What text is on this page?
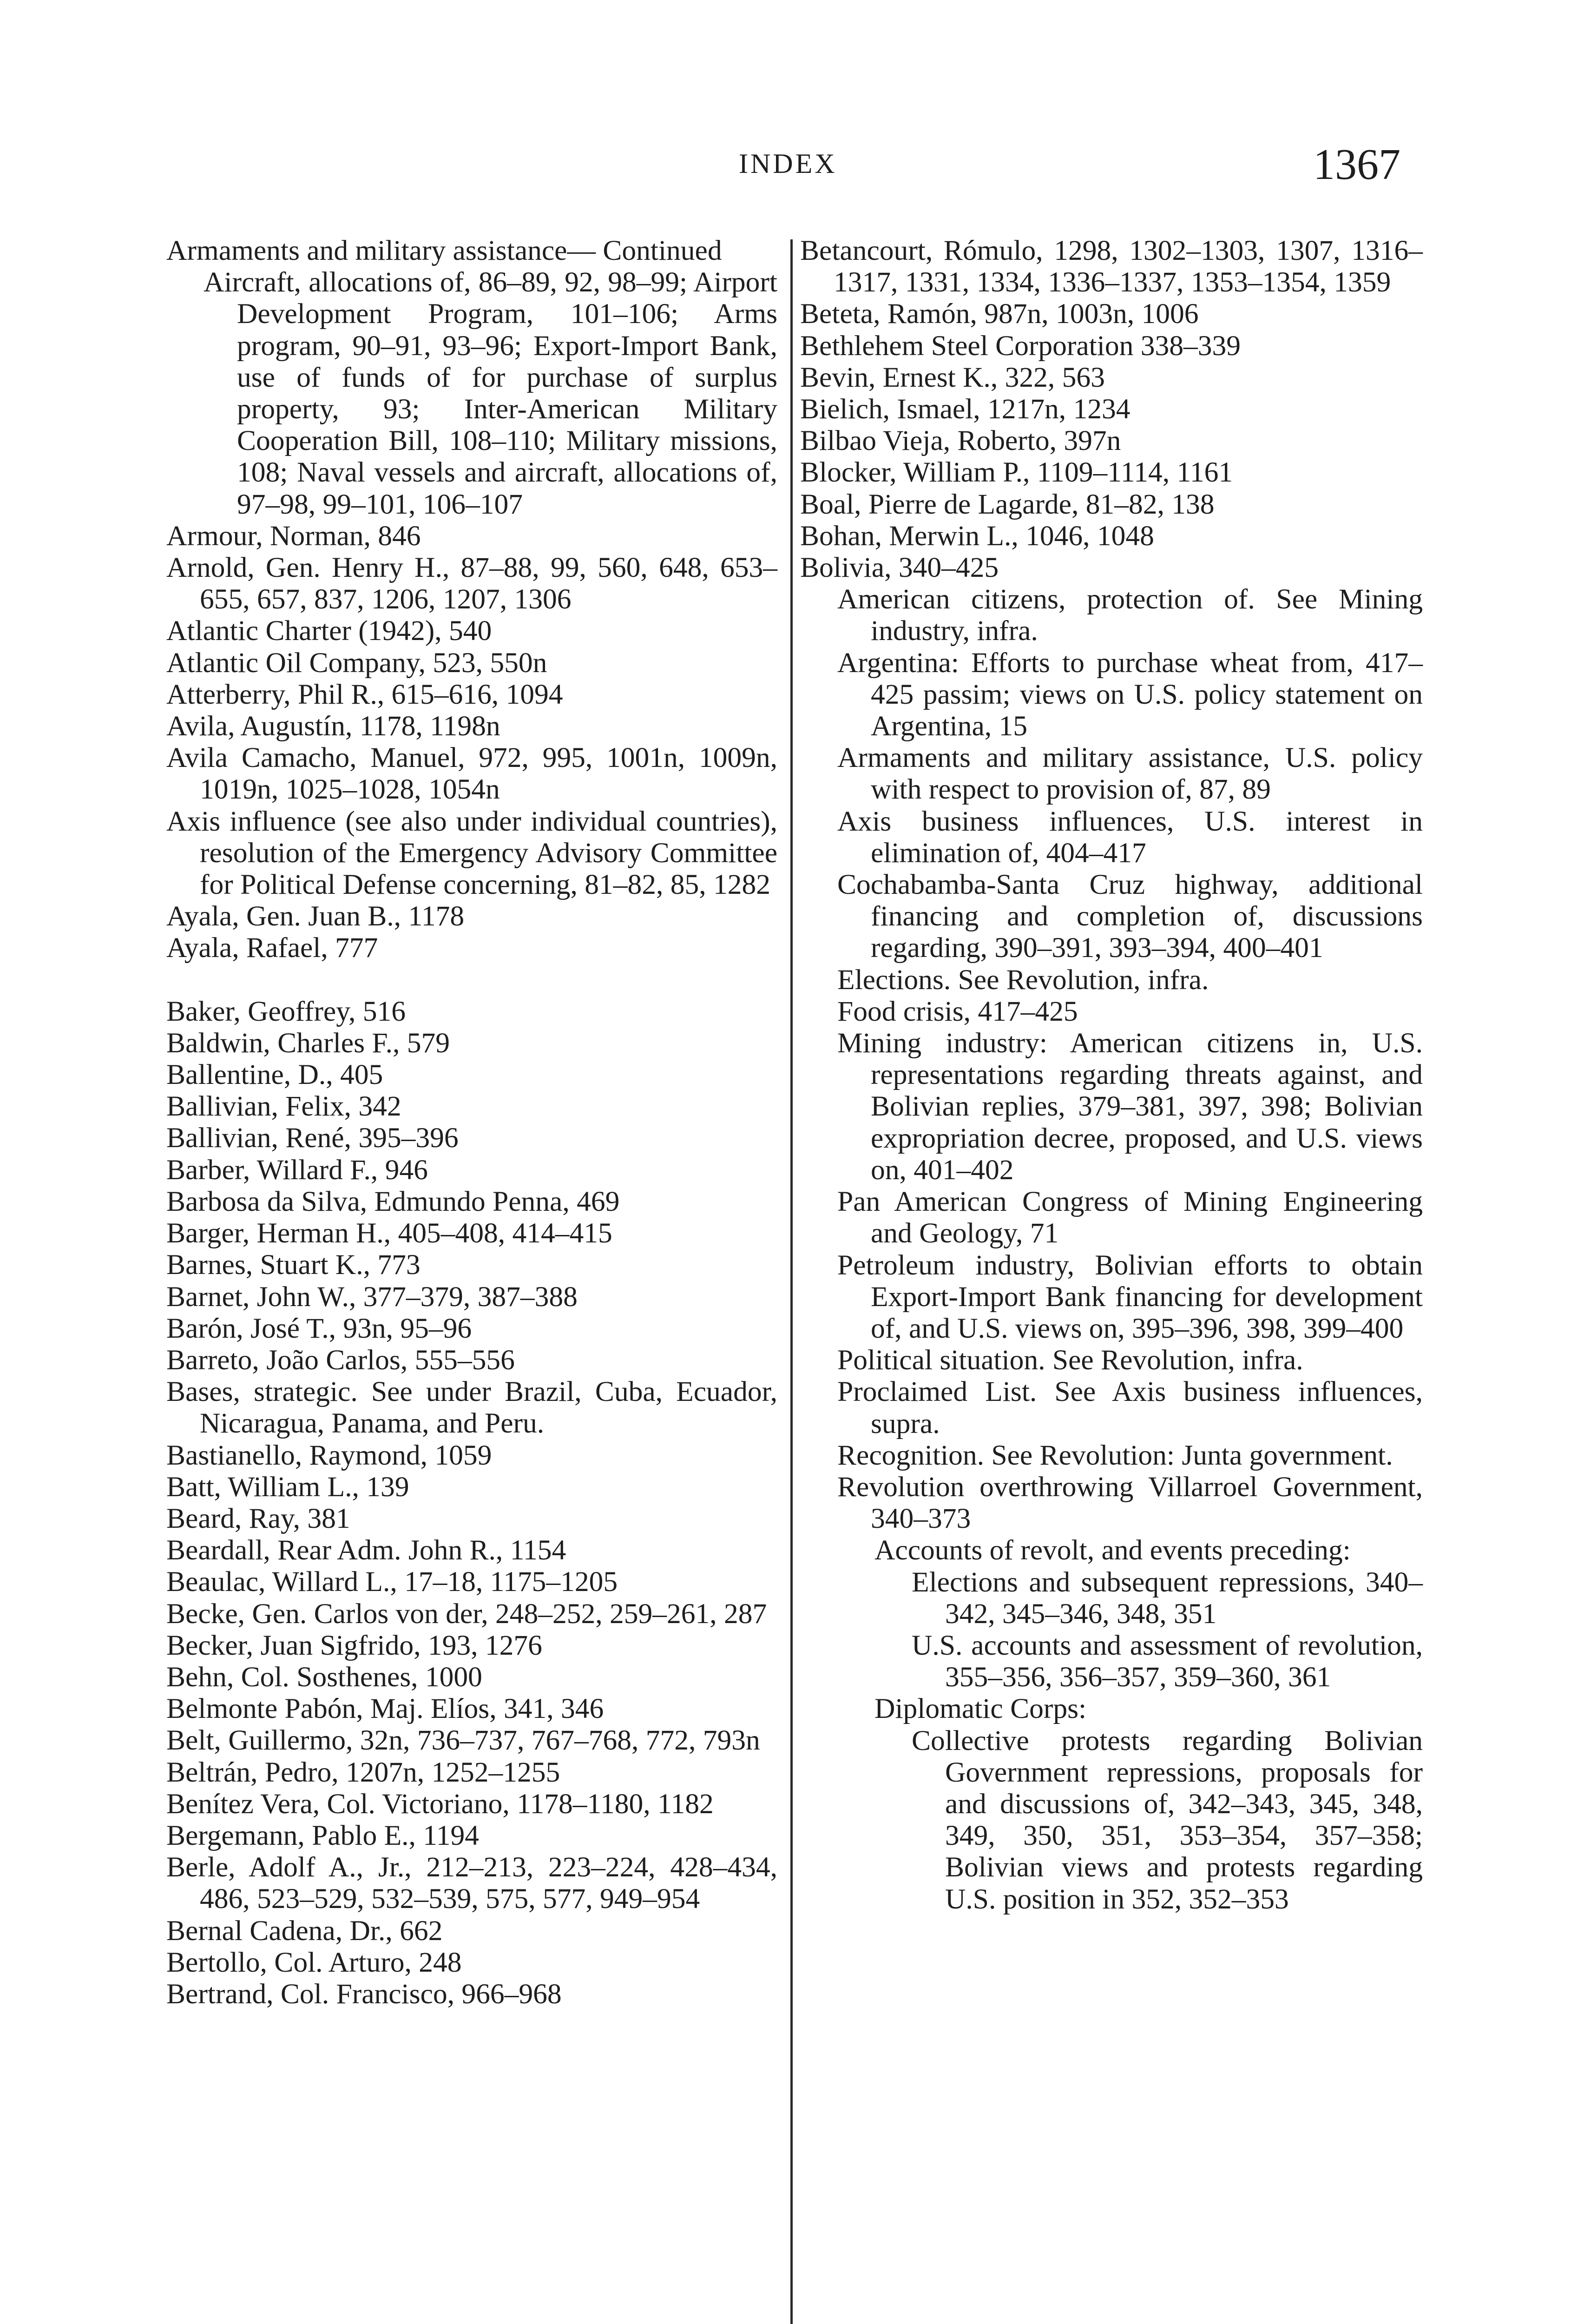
INDEX	1367

Armaments and military assistance— Continued

Aircraft, allocations of, 86–89, 92, 98–99; Airport Development Program, 101–106; Arms program, 90–91, 93–96; Export-Import Bank, use of funds of for purchase of surplus property, 93; Inter-American Military Cooperation Bill, 108–110; Military missions, 108; Naval vessels and aircraft, allocations of, 97–98, 99–101, 106–107

Armour, Norman, 846

Arnold, Gen. Henry H., 87–88, 99, 560, 648, 653–655, 657, 837, 1206, 1207, 1306

Atlantic Charter (1942), 540

Atlantic Oil Company, 523, 550n

Atterberry, Phil R., 615–616, 1094

Avila, Augustín, 1178, 1198n

Avila Camacho, Manuel, 972, 995, 1001n, 1009n, 1019n, 1025–1028, 1054n

Axis influence (see also under individual countries), resolution of the Emergency Advisory Committee for Political Defense concerning, 81–82, 85, 1282

Ayala, Gen. Juan B., 1178

Ayala, Rafael, 777

Baker, Geoffrey, 516

Baldwin, Charles F., 579

Ballentine, D., 405

Ballivian, Felix, 342

Ballivian, René, 395–396

Barber, Willard F., 946

Barbosa da Silva, Edmundo Penna, 469

Barger, Herman H., 405–408, 414–415

Barnes, Stuart K., 773

Barnet, John W., 377–379, 387–388

Barón, José T., 93n, 95–96

Barreto, João Carlos, 555–556

Bases, strategic. See under Brazil, Cuba, Ecuador, Nicaragua, Panama, and Peru.

Bastianello, Raymond, 1059

Batt, William L., 139

Beard, Ray, 381

Beardall, Rear Adm. John R., 1154

Beaulac, Willard L., 17–18, 1175–1205

Becke, Gen. Carlos von der, 248–252, 259–261, 287

Becker, Juan Sigfrido, 193, 1276

Behn, Col. Sosthenes, 1000

Belmonte Pabón, Maj. Elíos, 341, 346

Belt, Guillermo, 32n, 736–737, 767–768, 772, 793n

Beltrán, Pedro, 1207n, 1252–1255

Benítez Vera, Col. Victoriano, 1178–1180, 1182

Bergemann, Pablo E., 1194

Berle, Adolf A., Jr., 212–213, 223–224, 428–434, 486, 523–529, 532–539, 575, 577, 949–954

Bernal Cadena, Dr., 662

Bertollo, Col. Arturo, 248

Bertrand, Col. Francisco, 966–968

Betancourt, Rómulo, 1298, 1302–1303, 1307, 1316–1317, 1331, 1334, 1336–1337, 1353–1354, 1359

Beteta, Ramón, 987n, 1003n, 1006

Bethlehem Steel Corporation 338–339

Bevin, Ernest K., 322, 563

Bielich, Ismael, 1217n, 1234

Bilbao Vieja, Roberto, 397n

Blocker, William P., 1109–1114, 1161

Boal, Pierre de Lagarde, 81–82, 138

Bohan, Merwin L., 1046, 1048

Bolivia, 340–425

American citizens, protection of. See Mining industry, infra.

Argentina: Efforts to purchase wheat from, 417–425 passim; views on U.S. policy statement on Argentina, 15

Armaments and military assistance, U.S. policy with respect to provision of, 87, 89

Axis business influences, U.S. interest in elimination of, 404–417

Cochabamba-Santa Cruz highway, additional financing and completion of, discussions regarding, 390–391, 393–394, 400–401

Elections. See Revolution, infra.

Food crisis, 417–425

Mining industry: American citizens in, U.S. representations regarding threats against, and Bolivian replies, 379–381, 397, 398; Bolivian expropriation decree, proposed, and U.S. views on, 401–402

Pan American Congress of Mining Engineering and Geology, 71

Petroleum industry, Bolivian efforts to obtain Export-Import Bank financing for development of, and U.S. views on, 395–396, 398, 399–400

Political situation. See Revolution, infra.

Proclaimed List. See Axis business influences, supra.

Recognition. See Revolution: Junta government.

Revolution overthrowing Villarroel Government, 340–373

Accounts of revolt, and events preceding:

Elections and subsequent repressions, 340–342, 345–346, 348, 351

U.S. accounts and assessment of revolution, 355–356, 356–357, 359–360, 361

Diplomatic Corps:

Collective protests regarding Bolivian Government repressions, proposals for and discussions of, 342–343, 345, 348, 349, 350, 351, 353–354, 357–358; Bolivian views and protests regarding U.S. position in 352, 352–353
